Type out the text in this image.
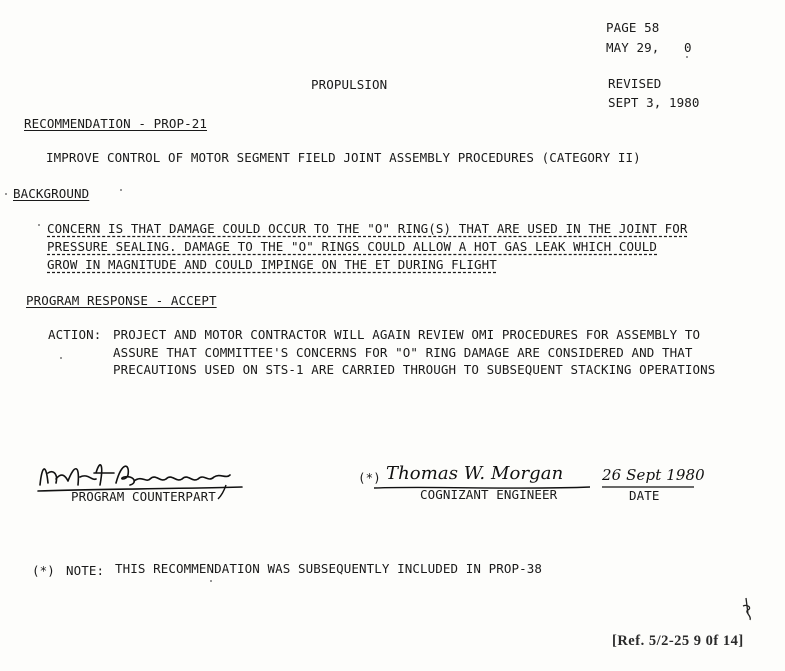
PAGE 58
MAY 29, 0
PROPULSION	REVISED
SEPT 3, 1980
RECOMMENDATION - PROP-21
IMPROVE CONTROL OF MOTOR SEGMENT FIELD JOINT ASSEMBLY PROCEDURES (CATEGORY II)
BACKGROUND
CONCERN IS THAT DAMAGE COULD OCCUR TO THE "O" RING(S) THAT ARE USED IN THE JOINT FOR
PRESSURE SEALING. DAMAGE TO THE "O" RINGS COULD ALLOW A HOT GAS LEAK WHICH COULD
GROW IN MAGNITUDE AND COULD IMPINGE ON THE ET DURING FLIGHT
PROGRAM RESPONSE - ACCEPT
ACTION: PROJECT AND MOTOR CONTRACTOR WILL AGAIN REVIEW OMI PROCEDURES FOR ASSEMBLY TO
ASSURE THAT COMMITTEE'S CONCERNS FOR "O" RING DAMAGE ARE CONSIDERED AND THAT
PRECAUTIONS USED ON STS-1 ARE CARRIED THROUGH TO SUBSEQUENT STACKING OPERATIONS
PROGRAM COUNTERPART
(*) Thomas W. Morgan	26 Sept 1980
COGNIZANT ENGINEER	DATE
(*) NOTE: THIS RECOMMENDATION WAS SUBSEQUENTLY INCLUDED IN PROP-38
[Ref. 5/2-25 9 0f 14]
